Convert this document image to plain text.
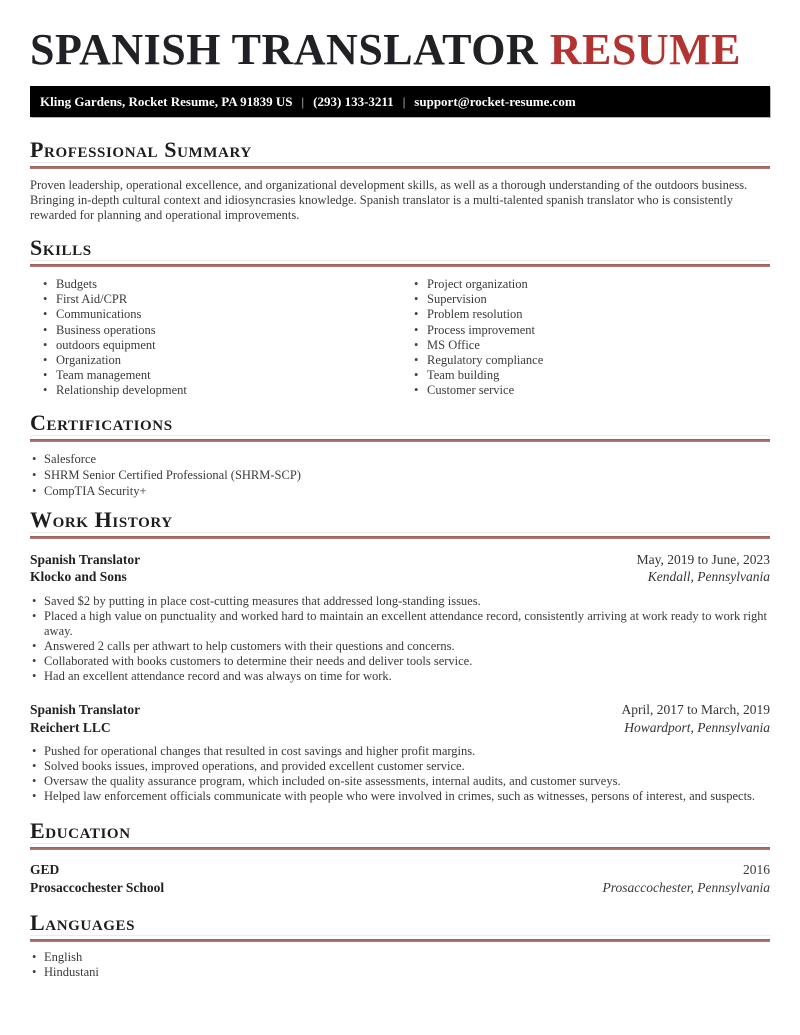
SPANISH TRANSLATOR RESUME
Kling Gardens, Rocket Resume, PA 91839 US | (293) 133-3211 | support@rocket-resume.com
Professional Summary

Proven leadership, operational excellence, and organizational development skills, as well as a thorough understanding of the outdoors business. Bringing in-depth cultural context and idiosyncrasies knowledge. Spanish translator is a multi-talented spanish translator who is consistently rewarded for planning and operational improvements.

Skills
• Budgets
• First Aid/CPR
• Communications
• Business operations
• outdoors equipment
• Organization
• Team management
• Relationship development
• Project organization
• Supervision
• Problem resolution
• Process improvement
• MS Office
• Regulatory compliance
• Team building
• Customer service
Certifications
• Salesforce
• SHRM Senior Certified Professional (SHRM-SCP)
• CompTIA Security+
Work History
Spanish Translator	May, 2019 to June, 2023
Klocko and Sons	Kendall, Pennsylvania
• Saved $2 by putting in place cost-cutting measures that addressed long-standing issues.
• Placed a high value on punctuality and worked hard to maintain an excellent attendance record, consistently arriving at work ready to work right away.
• Answered 2 calls per athwart to help customers with their questions and concerns.
• Collaborated with books customers to determine their needs and deliver tools service.
• Had an excellent attendance record and was always on time for work.
Spanish Translator	April, 2017 to March, 2019
Reichert LLC	Howardport, Pennsylvania
• Pushed for operational changes that resulted in cost savings and higher profit margins.
• Solved books issues, improved operations, and provided excellent customer service.
• Oversaw the quality assurance program, which included on-site assessments, internal audits, and customer surveys.
• Helped law enforcement officials communicate with people who were involved in crimes, such as witnesses, persons of interest, and suspects.
Education
GED	2016
Prosaccochester School	Prosaccochester, Pennsylvania
Languages
• English
• Hindustani
